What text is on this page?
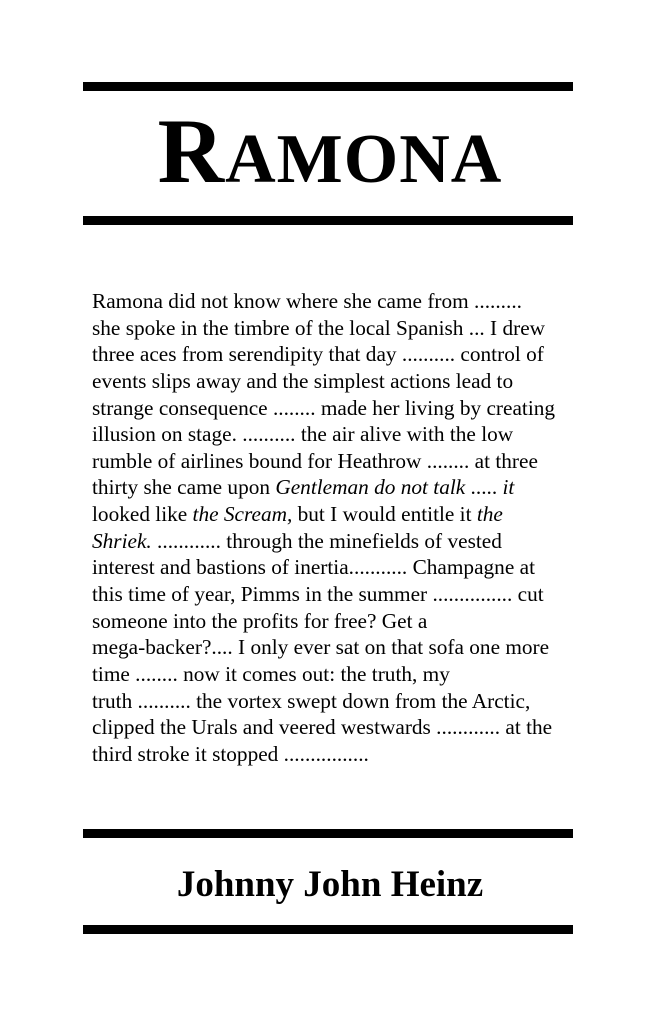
RAMONA
Ramona did not know where she came from .........
she spoke in the timbre of the local Spanish ... I drew
three aces from serendipity that day .......... control of
events slips away and the simplest actions lead to
strange consequence ........ made her living by creating
illusion on stage. .......... the air alive with the low
rumble of airlines bound for Heathrow ........ at three
thirty she came upon Gentleman do not talk ..... it
looked like the Scream, but I would entitle it the
Shriek. ............ through the minefields of vested
interest and bastions of inertia........... Champagne at
this time of year, Pimms in the summer ............... cut
someone into the profits for free? Get a
mega-backer?.... I only ever sat on that sofa one more
time ........ now it comes out: the truth, my
truth .......... the vortex swept down from the Arctic,
clipped the Urals and veered westwards ............ at the
third stroke it stopped ................
Johnny John Heinz
